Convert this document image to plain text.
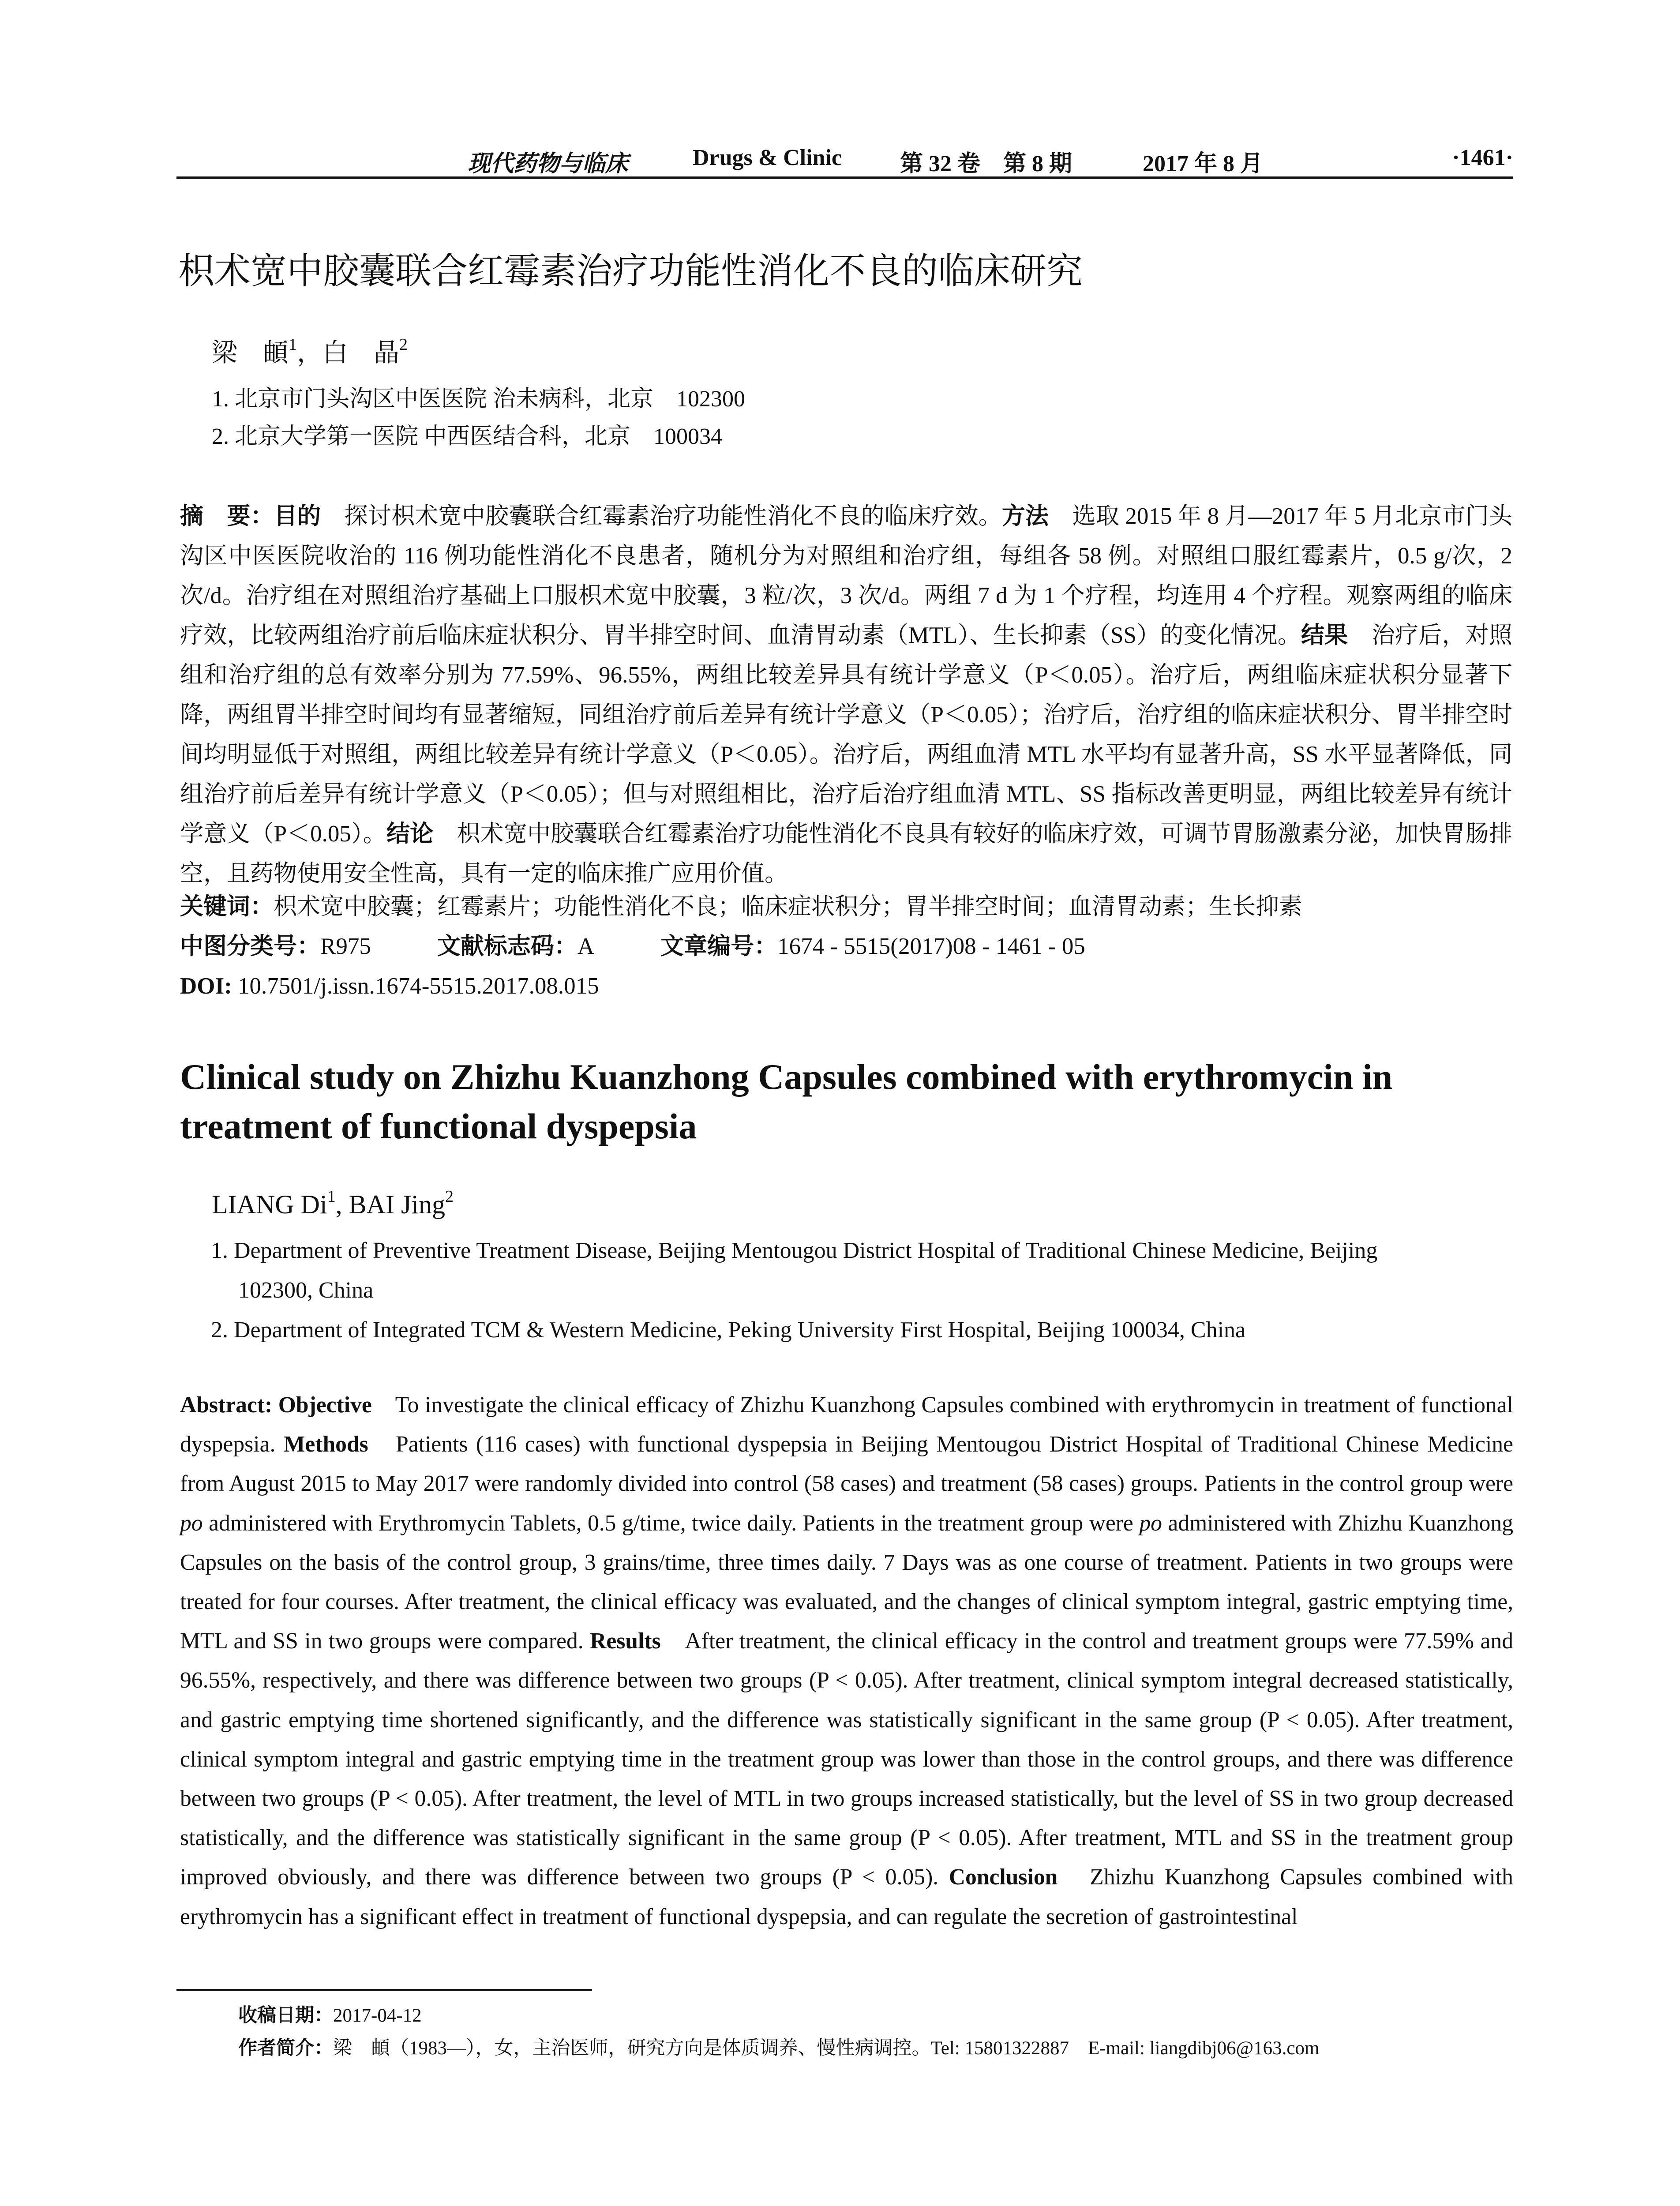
现代药物与临床	Drugs & Clinic	第 32 卷　第 8 期	2017 年 8 月	·1461·
枳术宽中胶囊联合红霉素治疗功能性消化不良的临床研究
梁　頔$^1$，白　晶$^2$
1. 北京市门头沟区中医医院 治未病科，北京　102300
2. 北京大学第一医院 中西医结合科，北京　100034
摘　要：目的　探讨枳术宽中胶囊联合红霉素治疗功能性消化不良的临床疗效。方法　选取 2015 年 8 月—2017 年 5 月北京市门头沟区中医医院收治的 116 例功能性消化不良患者，随机分为对照组和治疗组，每组各 58 例。对照组口服红霉素片，0.5 g/次，2 次/d。治疗组在对照组治疗基础上口服枳术宽中胶囊，3 粒/次，3 次/d。两组 7 d 为 1 个疗程，均连用 4 个疗程。观察两组的临床疗效，比较两组治疗前后临床症状积分、胃半排空时间、血清胃动素（MTL）、生长抑素（SS）的变化情况。结果　治疗后，对照组和治疗组的总有效率分别为 77.59%、96.55%，两组比较差异具有统计学意义（P＜0.05）。治疗后，两组临床症状积分显著下降，两组胃半排空时间均有显著缩短，同组治疗前后差异有统计学意义（P＜0.05）；治疗后，治疗组的临床症状积分、胃半排空时间均明显低于对照组，两组比较差异有统计学意义（P＜0.05）。治疗后，两组血清 MTL 水平均有显著升高，SS 水平显著降低，同组治疗前后差异有统计学意义（P＜0.05）；但与对照组相比，治疗后治疗组血清 MTL、SS 指标改善更明显，两组比较差异有统计学意义（P＜0.05）。结论　枳术宽中胶囊联合红霉素治疗功能性消化不良具有较好的临床疗效，可调节胃肠激素分泌，加快胃肠排空，且药物使用安全性高，具有一定的临床推广应用价值。
关键词：枳术宽中胶囊；红霉素片；功能性消化不良；临床症状积分；胃半排空时间；血清胃动素；生长抑素
中图分类号：R975	文献标志码：A	文章编号：1674 - 5515(2017)08 - 1461 - 05
DOI: 10.7501/j.issn.1674-5515.2017.08.015
Clinical study on Zhizhu Kuanzhong Capsules combined with erythromycin in treatment of functional dyspepsia
LIANG Di$^1$, BAI Jing$^2$
1. Department of Preventive Treatment Disease, Beijing Mentougou District Hospital of Traditional Chinese Medicine, Beijing
102300, China
2. Department of Integrated TCM & Western Medicine, Peking University First Hospital, Beijing 100034, China
Abstract: Objective　To investigate the clinical efficacy of Zhizhu Kuanzhong Capsules combined with erythromycin in treatment of functional dyspepsia. Methods　Patients (116 cases) with functional dyspepsia in Beijing Mentougou District Hospital of Traditional Chinese Medicine from August 2015 to May 2017 were randomly divided into control (58 cases) and treatment (58 cases) groups. Patients in the control group were po administered with Erythromycin Tablets, 0.5 g/time, twice daily. Patients in the treatment group were po administered with Zhizhu Kuanzhong Capsules on the basis of the control group, 3 grains/time, three times daily. 7 Days was as one course of treatment. Patients in two groups were treated for four courses. After treatment, the clinical efficacy was evaluated, and the changes of clinical symptom integral, gastric emptying time, MTL and SS in two groups were compared. Results　After treatment, the clinical efficacy in the control and treatment groups were 77.59% and 96.55%, respectively, and there was difference between two groups (P < 0.05). After treatment, clinical symptom integral decreased statistically, and gastric emptying time shortened significantly, and the difference was statistically significant in the same group (P < 0.05). After treatment, clinical symptom integral and gastric emptying time in the treatment group was lower than those in the control groups, and there was difference between two groups (P < 0.05). After treatment, the level of MTL in two groups increased statistically, but the level of SS in two group decreased statistically, and the difference was statistically significant in the same group (P < 0.05). After treatment, MTL and SS in the treatment group improved obviously, and there was difference between two groups (P < 0.05). Conclusion　Zhizhu Kuanzhong Capsules combined with erythromycin has a significant effect in treatment of functional dyspepsia, and can regulate the secretion of gastrointestinal
收稿日期：2017-04-12
作者简介：梁　頔（1983—），女，主治医师，研究方向是体质调养、慢性病调控。Tel: 15801322887　E-mail: liangdibj06@163.com
